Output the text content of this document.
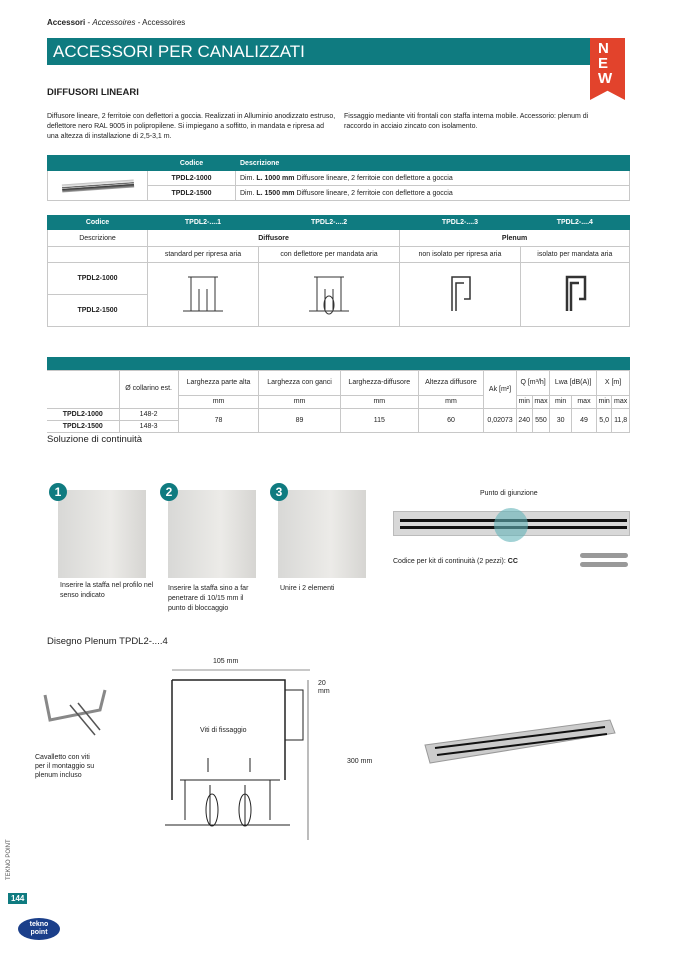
Accessori - Accessoires - Accessoires
ACCESSORI PER CANALIZZATI	NEW
DIFFUSORI LINEARI
Diffusore lineare, 2 ferritoie con deflettori a goccia. Realizzati in Alluminio anodizzato estruso, deflettore nero RAL 9005 in polipropilene. Si impiegano a soffitto, in mandata e ripresa ad una altezza di installazione di 2,5-3,1 m.
Fissaggio mediante viti frontali con staffa interna mobile. Accessorio: plenum di raccordo in acciaio zincato con isolamento.
	Codice	Descrizione

	TPDL2-1000	Dim. L. 1000 mm Diffusore lineare, 2 ferritoie con deflettore a goccia
	TPDL2-1500	Dim. L. 1500 mm Diffusore lineare, 2 ferritoie con deflettore a goccia
Codice	TPDL2-....1	TPDL2-....2	TPDL2-....3	TPDL2-....4
Descrizione	Diffusore		Plenum	
	standard per ripresa aria	con deflettore per mandata aria	non isolato per ripresa aria	isolato per mandata aria
TPDL2-1000				
TPDL2-1500				

	Ø collarino est.	Larghezza parte alta	Larghezza con ganci	Larghezza-diffusore	Altezza diffusore	Ak [m²]	Q [m³/h]		Lwa [dB(A)]		X [m]	
		mm	mm	mm	mm		min	max	min	max	min	max
TPDL2-1000	148-2	78	89	115	60	0,02073	240	550	30	49	5,0	11,8
TPDL2-1500	148-3											
Soluzione di continuità
1	2	3
Inserire la staffa nel profilo nel senso indicato
Inserire la staffa sino a far penetrare di 10/15 mm il punto di bloccaggio
Unire i 2 elementi
Punto di giunzione
Codice per kit di continuità (2 pezzi): CC
Disegno Plenum TPDL2-....4
105 mm
20
mm
300 mm
Viti di fissaggio
Cavalletto con viti per il montaggio su plenum incluso
TEKNO POINT
144
tekno
point
